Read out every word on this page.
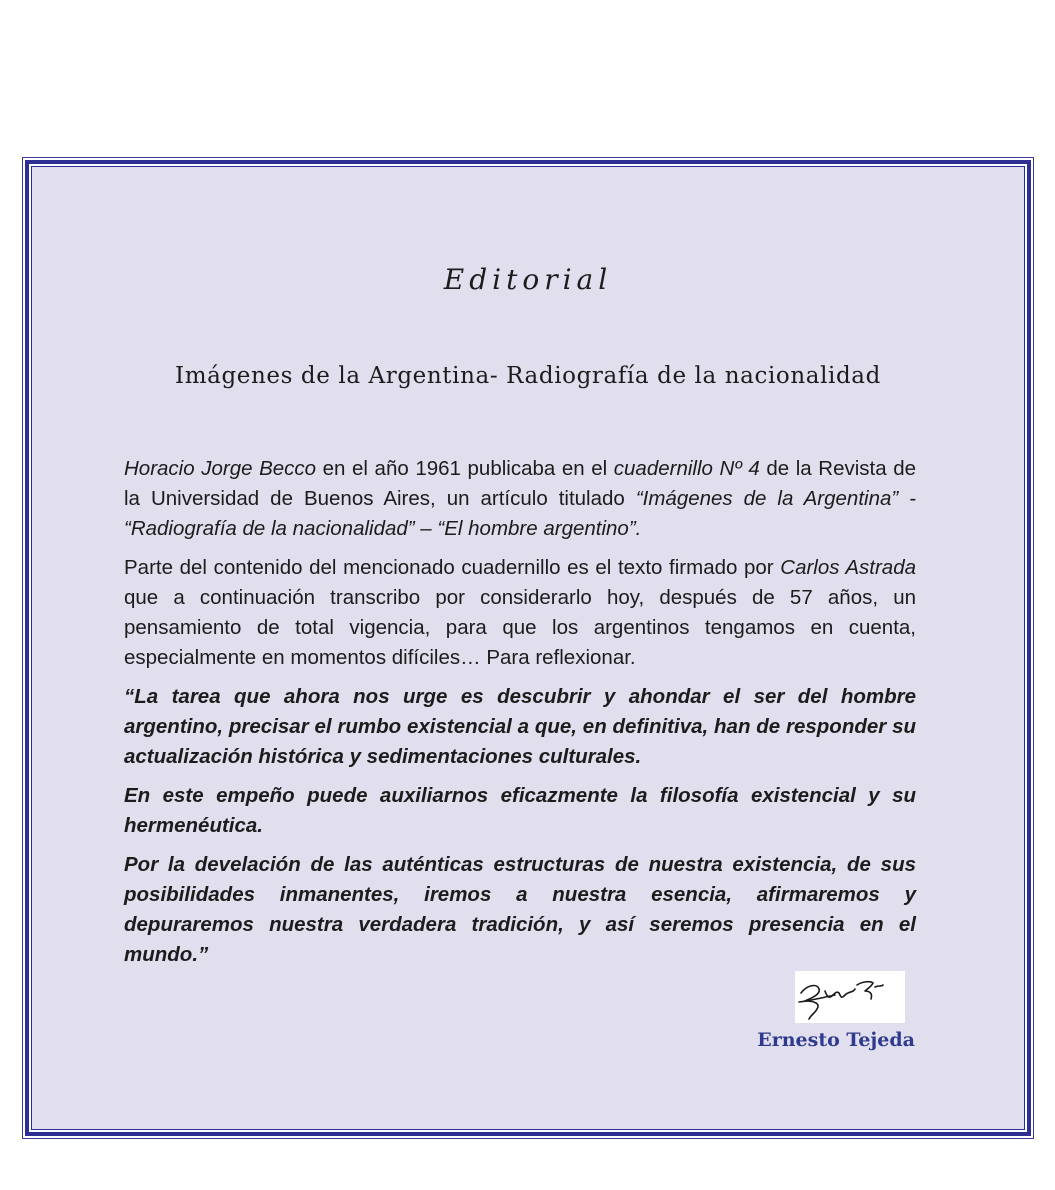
Editorial
Imágenes de la Argentina- Radiografía de la nacionalidad

Horacio Jorge Becco en el año 1961 publicaba en el cuadernillo Nº 4 de la Revista de la Universidad de Buenos Aires, un artículo titulado “Imágenes de la Argentina” - “Radiografía de la nacionalidad” – “El hombre argentino”.

Parte del contenido del mencionado cuadernillo es el texto firmado por Carlos Astrada que a continuación transcribo por considerarlo hoy, después de 57 años, un pensamiento de total vigencia, para que los argentinos tengamos en cuenta, especialmente en momentos difíciles… Para reflexionar.

“La tarea que ahora nos urge es descubrir y ahondar el ser del hombre argentino, precisar el rumbo existencial a que, en definitiva, han de responder su actualización histórica y sedimentaciones culturales.

En este empeño puede auxiliarnos eficazmente la filosofía existencial y su hermenéutica.

Por la develación de las auténticas estructuras de nuestra existencia, de sus posibilidades inmanentes, iremos a nuestra esencia, afirmaremos y depuraremos nuestra verdadera tradición, y así seremos presencia en el mundo.”

Ernesto Tejeda
